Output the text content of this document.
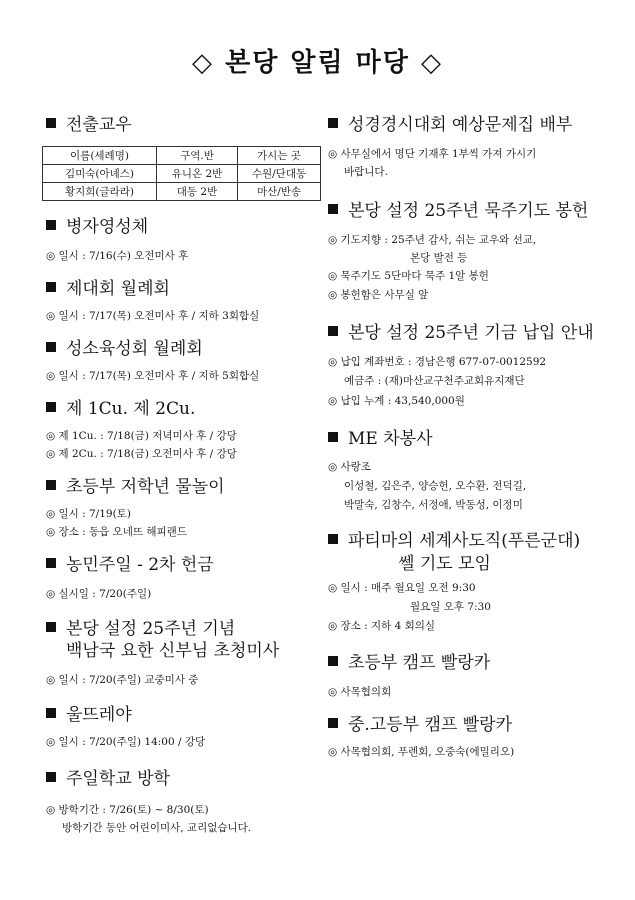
◇ 본당 알림 마당 ◇
전출교우
이름(세례명)	구역.반	가시는 곳
김미숙(아녜스)	유니온 2반	수원/단대동
황지희(글라라)	대동 2반	마산/반송
병자영성체
◎ 일시 : 7/16(수) 오전미사 후
제대회 월례회
◎ 일시 : 7/17(목) 오전미사 후 / 지하 3회합실
성소육성회 월례회
◎ 일시 : 7/17(목) 오전미사 후 / 지하 5회합실
제 1Cu. 제 2Cu.
◎ 제 1Cu. : 7/18(금) 저녁미사 후 / 강당
◎ 제 2Cu. : 7/18(금) 오전미사 후 / 강당
초등부 저학년 물놀이
◎ 일시 : 7/19(토)
◎ 장소 : 동읍 오네뜨 해피랜드
농민주일 - 2차 헌금
◎ 실시일 : 7/20(주일)
본당 설정 25주년 기념
백남국 요한 신부님 초청미사
◎ 일시 : 7/20(주일) 교중미사 중
울뜨레야
◎ 일시 : 7/20(주일) 14:00 / 강당
주일학교 방학
◎ 방학기간 : 7/26(토) ~ 8/30(토)
방학기간 동안 어린이미사, 교리없습니다.
성경경시대회 예상문제집 배부
◎ 사무실에서 명단 기재후 1부씩 가져 가시기
바랍니다.
본당 설정 25주년 묵주기도 봉헌
◎ 기도지향 : 25주년 감사, 쉬는 교우와 선교,
본당 발전 등
◎ 묵주기도 5단마다 묵주 1알 봉헌
◎ 봉헌함은 사무실 앞
본당 설정 25주년 기금 납입 안내
◎ 납입 계좌번호 : 경남은행 677-07-0012592
예금주 : (재)마산교구천주교회유지재단
◎ 납입 누계 : 43,540,000원
ME 차봉사
◎ 사랑조
이성철, 김은주, 양승헌, 오수환, 전덕길,
박말숙, 김창수, 서정애, 박동성, 이정미
파티마의 세계사도직(푸른군대)
쎌 기도 모임
◎ 일시 : 매주 월요일 오전 9:30
월요일 오후 7:30
◎ 장소 : 지하 4 회의실
초등부 캠프 빨랑카
◎ 사목협의회
중.고등부 캠프 빨랑카
◎ 사목협의회, 푸렌회, 오중숙(에밀리오)
